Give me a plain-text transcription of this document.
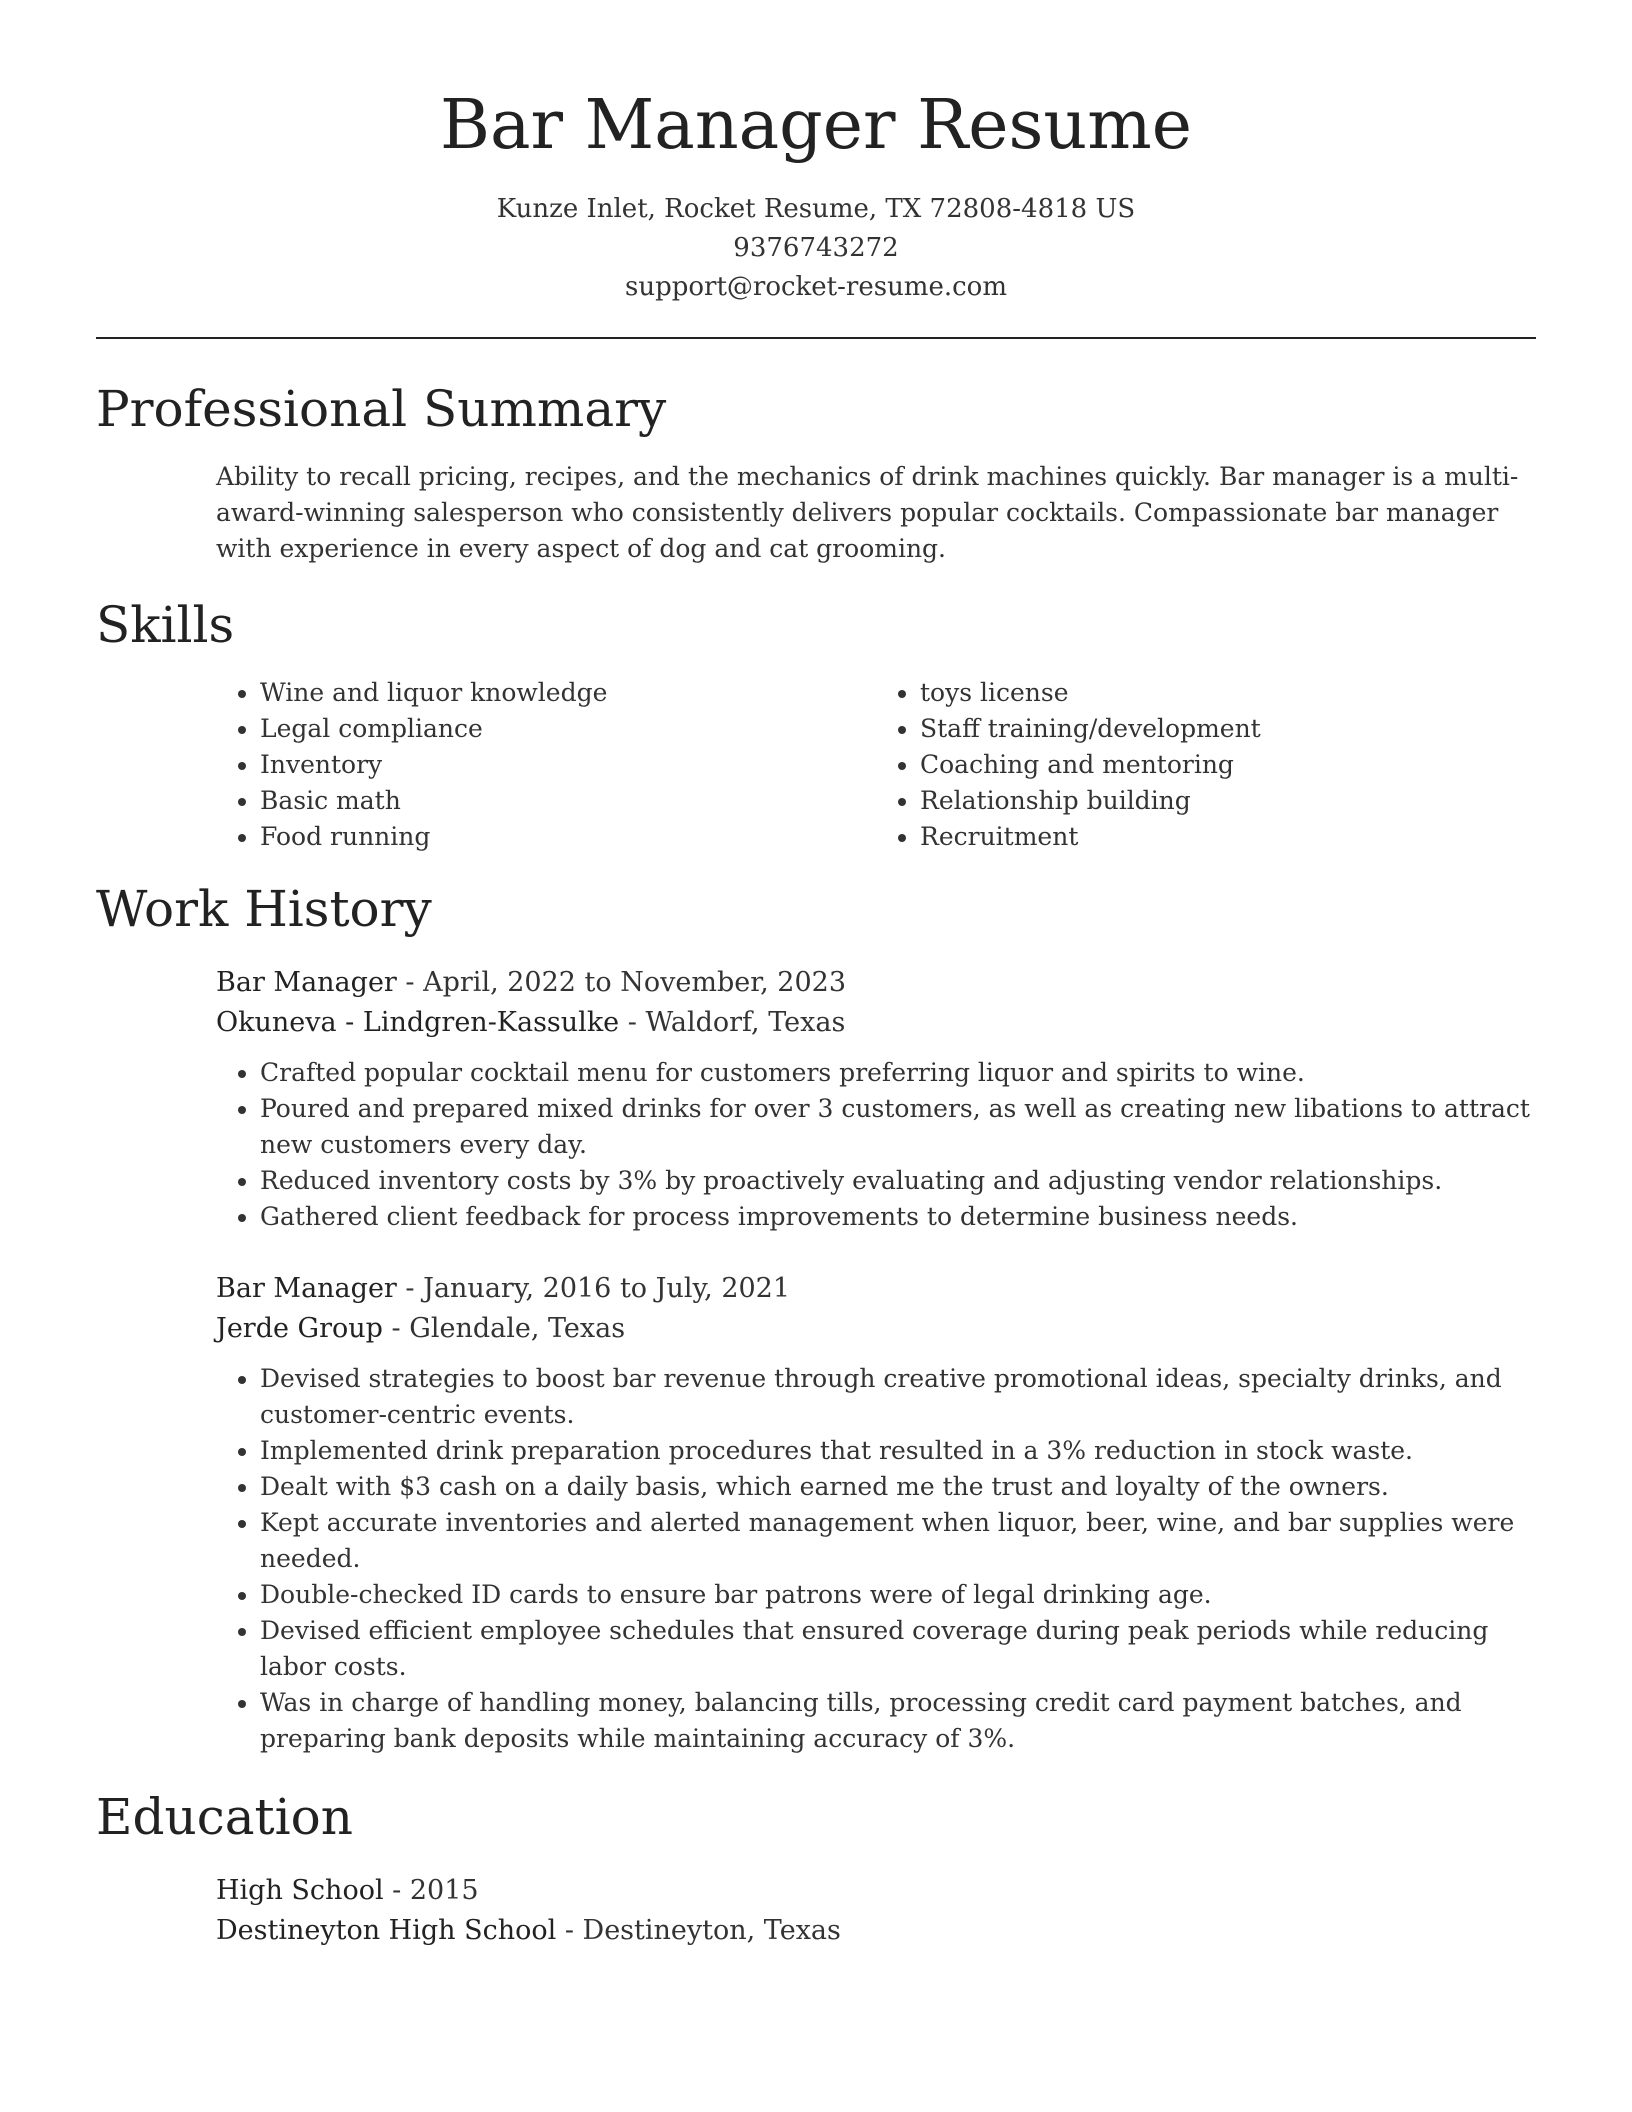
Bar Manager Resume
Kunze Inlet, Rocket Resume, TX 72808-4818 US
9376743272
support@rocket-resume.com
Professional Summary
Ability to recall pricing, recipes, and the mechanics of drink machines quickly. Bar manager is a multi-award-winning salesperson who consistently delivers popular cocktails. Compassionate bar manager with experience in every aspect of dog and cat grooming.
Skills
• Wine and liquor knowledge
• Legal compliance
• Inventory
• Basic math
• Food running
• toys license
• Staff training/development
• Coaching and mentoring
• Relationship building
• Recruitment
Work History
Bar Manager - April, 2022 to November, 2023
Okuneva - Lindgren-Kassulke - Waldorf, Texas
• Crafted popular cocktail menu for customers preferring liquor and spirits to wine.
• Poured and prepared mixed drinks for over 3 customers, as well as creating new libations to attract new customers every day.
• Reduced inventory costs by 3% by proactively evaluating and adjusting vendor relationships.
• Gathered client feedback for process improvements to determine business needs.
Bar Manager - January, 2016 to July, 2021
Jerde Group - Glendale, Texas
• Devised strategies to boost bar revenue through creative promotional ideas, specialty drinks, and customer-centric events.
• Implemented drink preparation procedures that resulted in a 3% reduction in stock waste.
• Dealt with $3 cash on a daily basis, which earned me the trust and loyalty of the owners.
• Kept accurate inventories and alerted management when liquor, beer, wine, and bar supplies were needed.
• Double-checked ID cards to ensure bar patrons were of legal drinking age.
• Devised efficient employee schedules that ensured coverage during peak periods while reducing labor costs.
• Was in charge of handling money, balancing tills, processing credit card payment batches, and preparing bank deposits while maintaining accuracy of 3%.
Education
High School - 2015
Destineyton High School - Destineyton, Texas
